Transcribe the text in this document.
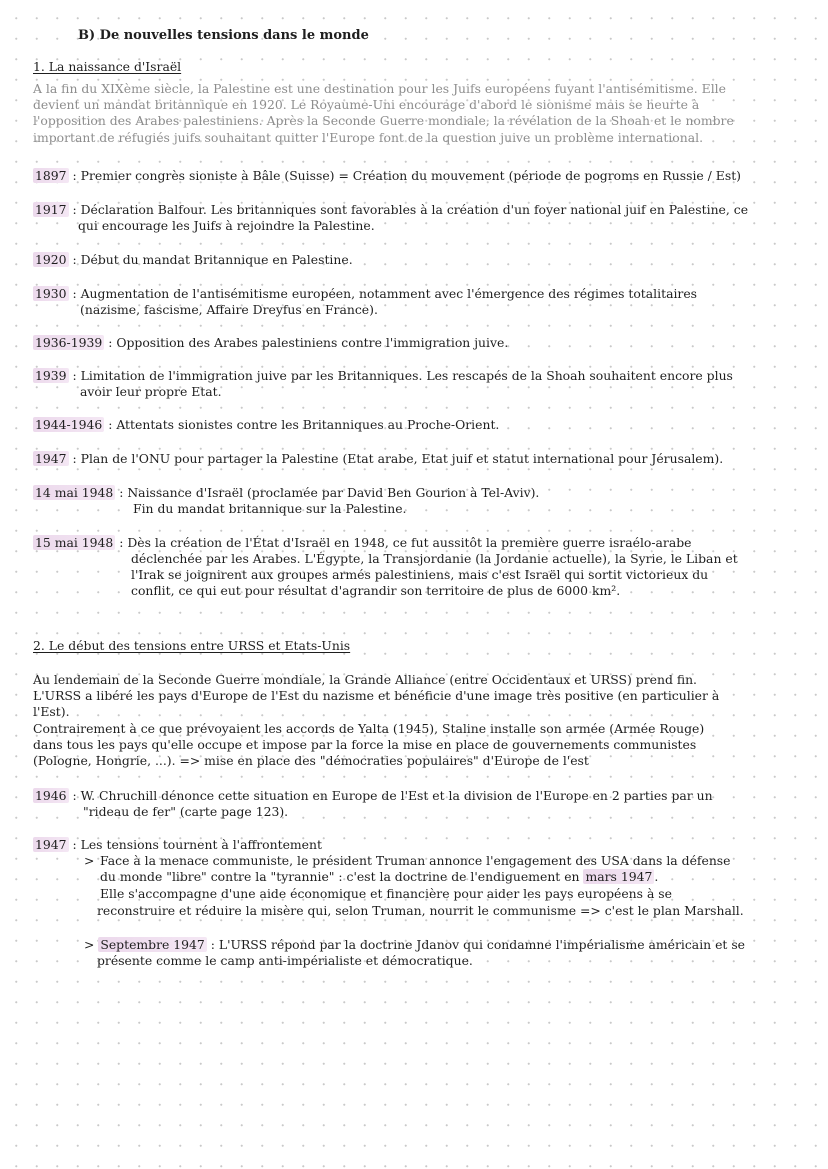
B) De nouvelles tensions dans le monde
1. La naissance d'Israël
A la fin du XIXème siècle, la Palestine est une destination pour les Juifs européens fuyant l'antisémitisme. Elle
devient un mandat britannique en 1920. Le Royaume-Uni encourage d'abord le sionisme mais se heurte à
l'opposition des Arabes palestiniens. Après la Seconde Guerre mondiale, la révélation de la Shoah et le nombre
important de réfugiés juifs souhaitant quitter l'Europe font de la question juive un problème international.
1897 : Premier congrès sioniste à Bâle (Suisse) = Création du mouvement (période de pogroms en Russie / Est)
1917 : Déclaration Balfour. Les britanniques sont favorables à la création d'un foyer national juif en Palestine, ce
qui encourage les Juifs à rejoindre la Palestine.
1920 : Début du mandat Britannique en Palestine.
1930 : Augmentation de l'antisémitisme européen, notamment avec l'émergence des régimes totalitaires
(nazisme, fascisme, Affaire Dreyfus en France).
1936-1939 : Opposition des Arabes palestiniens contre l'immigration juive.
1939 : Limitation de l'immigration juive par les Britanniques. Les rescapés de la Shoah souhaitent encore plus
avoir leur propre Etat.
1944-1946 : Attentats sionistes contre les Britanniques au Proche-Orient.
1947 : Plan de l'ONU pour partager la Palestine (Etat arabe, Etat juif et statut international pour Jérusalem).
14 mai 1948 : Naissance d'Israël (proclamée par David Ben Gourion à Tel-Aviv).
Fin du mandat britannique sur la Palestine.
15 mai 1948 : Dès la création de l'État d'Israël en 1948, ce fut aussitôt la première guerre israélo-arabe
déclenchée par les Arabes. L'Égypte, la Transjordanie (la Jordanie actuelle), la Syrie, le Liban et
l'Irak se joignirent aux groupes armés palestiniens, mais c'est Israël qui sortit victorieux du
conflit, ce qui eut pour résultat d'agrandir son territoire de plus de 6000 km².
2. Le début des tensions entre URSS et Etats-Unis
Au lendemain de la Seconde Guerre mondiale, la Grande Alliance (entre Occidentaux et URSS) prend fin.
L'URSS a libéré les pays d'Europe de l'Est du nazisme et bénéficie d'une image très positive (en particulier à
l'Est).
Contrairement à ce que prévoyaient les accords de Yalta (1945), Staline installe son armée (Armée Rouge)
dans tous les pays qu'elle occupe et impose par la force la mise en place de gouvernements communistes
(Pologne, Hongrie, ...). => mise en place des "démocraties populaires" d'Europe de l'est
1946 : W. Chruchill dénonce cette situation en Europe de l'Est et la division de l'Europe en 2 parties par un
"rideau de fer" (carte page 123).
1947 : Les tensions tournent à l'affrontement
> Face à la menace communiste, le président Truman annonce l'engagement des USA dans la défense
du monde "libre" contre la "tyrannie" : c'est la doctrine de l'endiguement en mars 1947 .
Elle s'accompagne d'une aide économique et financière pour aider les pays européens à se
reconstruire et réduire la misère qui, selon Truman, nourrit le communisme => c'est le plan Marshall.
> Septembre 1947 : L'URSS répond par la doctrine Jdanov qui condamne l'impérialisme américain et se
présente comme le camp anti-impérialiste et démocratique.
